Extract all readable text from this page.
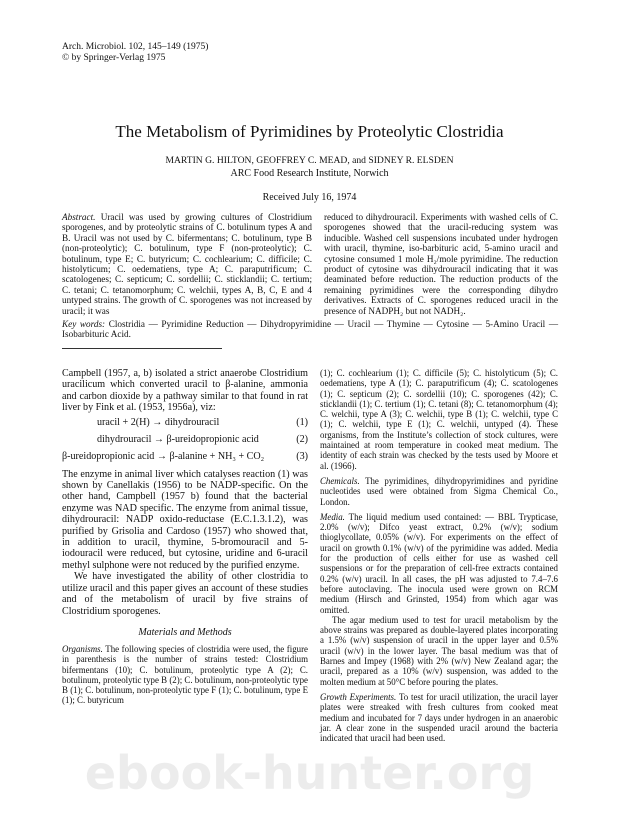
Arch. Microbiol. 102, 145–149 (1975)
© by Springer-Verlag 1975
The Metabolism of Pyrimidines by Proteolytic Clostridia
MARTIN G. HILTON, GEOFFREY C. MEAD, and SIDNEY R. ELSDEN
ARC Food Research Institute, Norwich
Received July 16, 1974

Abstract. Uracil was used by growing cultures of Clostridium sporogenes, and by proteolytic strains of C. botulinum types A and B. Uracil was not used by C. bifermentans; C. botulinum, type B (non-proteolytic); C. botulinum, type F (non-proteolytic); C. botulinum, type E; C. butyricum; C. cochlearium; C. difficile; C. histolyticum; C. oedematiens, type A; C. paraputrificum; C. scatologenes; C. septicum; C. sordellii; C. sticklandii; C. tertium; C. tetani; C. tetanomorphum; C. welchii, types A, B, C, E and 4 untyped strains. The growth of C. sporogenes was not increased by uracil; it was

reduced to dihydrouracil. Experiments with washed cells of C. sporogenes showed that the uracil-reducing system was inducible. Washed cell suspensions incubated under hydrogen with uracil, thymine, iso-barbituric acid, 5-amino uracil and cytosine consumed 1 mole H₂/mole pyrimidine. The reduction product of cytosine was dihydrouracil indicating that it was deaminated before reduction. The reduction products of the remaining pyrimidines were the corresponding dihydro derivatives. Extracts of C. sporogenes reduced uracil in the presence of NADPH₂ but not NADH₂.

Key words: Clostridia — Pyrimidine Reduction — Dihydropyrimidine — Uracil — Thymine — Cytosine — 5-Amino Uracil — Isobarbituric Acid.

Campbell (1957, a, b) isolated a strict anaerobe Clostridium uracilicum which converted uracil to β-alanine, ammonia and carbon dioxide by a pathway similar to that found in rat liver by Fink et al. (1953, 1956a), viz:

uracil + 2(H) → dihydrouracil	(1)
dihydrouracil → β-ureidopropionic acid	(2)
β-ureidopropionic acid → β-alanine + NH₃ + CO₂	(3)

The enzyme in animal liver which catalyses reaction (1) was shown by Canellakis (1956) to be NADP-specific. On the other hand, Campbell (1957 b) found that the bacterial enzyme was NAD specific. The enzyme from animal tissue, dihydrouracil: NADP oxido-reductase (E.C.1.3.1.2), was purified by Grisolia and Cardoso (1957) who showed that, in addition to uracil, thymine, 5-bromouracil and 5-iodouracil were reduced, but cytosine, uridine and 6-uracil methyl sulphone were not reduced by the purified enzyme.

We have investigated the ability of other clostridia to utilize uracil and this paper gives an account of these studies and of the metabolism of uracil by five strains of Clostridium sporogenes.

Materials and Methods

Organisms. The following species of clostridia were used, the figure in parenthesis is the number of strains tested: Clostridium bifermentans (10); C. botulinum, proteolytic type A (2); C. botulinum, proteolytic type B (2); C. botulinum, non-proteolytic type B (1); C. botulinum, non-proteolytic type F (1); C. botulinum, type E (1); C. butyricum

(1); C. cochlearium (1); C. difficile (5); C. histolyticum (5); C. oedematiens, type A (1); C. paraputrificum (4); C. scatologenes (1); C. septicum (2); C. sordellii (10); C. sporogenes (42); C. sticklandii (1); C. tertium (1); C. tetani (8); C. tetanomorphum (4); C. welchii, type A (3); C. welchii, type B (1); C. welchii, type C (1); C. welchii, type E (1); C. welchii, untyped (4). These organisms, from the Institute’s collection of stock cultures, were maintained at room temperature in cooked meat medium. The identity of each strain was checked by the tests used by Moore et al. (1966).

Chemicals. The pyrimidines, dihydropyrimidines and pyridine nucleotides used were obtained from Sigma Chemical Co., London.

Media. The liquid medium used contained: — BBL Trypticase, 2.0% (w/v); Difco yeast extract, 0.2% (w/v); sodium thioglycollate, 0.05% (w/v). For experiments on the effect of uracil on growth 0.1% (w/v) of the pyrimidine was added. Media for the production of cells either for use as washed cell suspensions or for the preparation of cell-free extracts contained 0.2% (w/v) uracil. In all cases, the pH was adjusted to 7.4–7.6 before autoclaving. The inocula used were grown on RCM medium (Hirsch and Grinsted, 1954) from which agar was omitted.

The agar medium used to test for uracil metabolism by the above strains was prepared as double-layered plates incorporating a 1.5% (w/v) suspension of uracil in the upper layer and 0.5% uracil (w/v) in the lower layer. The basal medium was that of Barnes and Impey (1968) with 2% (w/v) New Zealand agar; the uracil, prepared as a 10% (w/v) suspension, was added to the molten medium at 50°C before pouring the plates.

Growth Experiments. To test for uracil utilization, the uracil layer plates were streaked with fresh cultures from cooked meat medium and incubated for 7 days under hydrogen in an anaerobic jar. A clear zone in the suspended uracil around the bacteria indicated that uracil had been used.

ebook-hunter.org
